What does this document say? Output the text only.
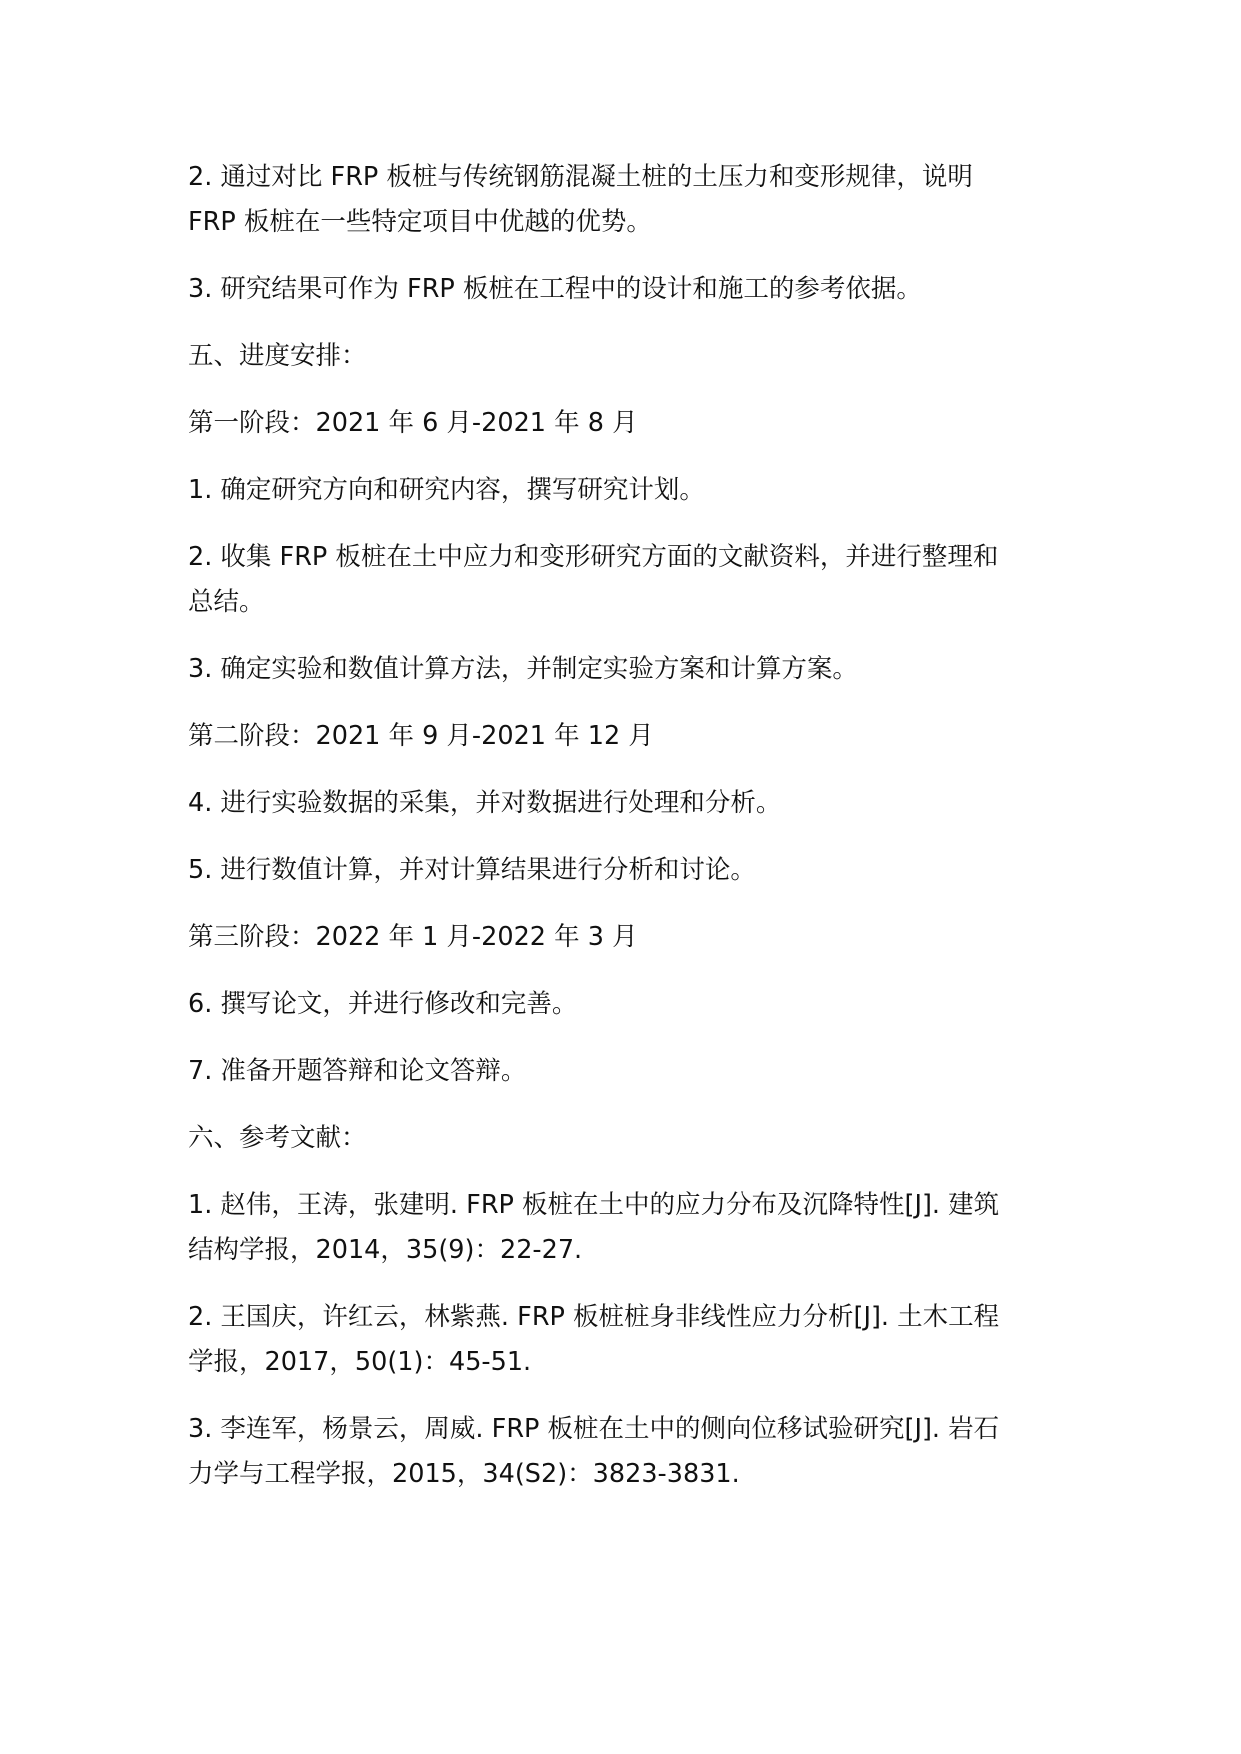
2. 通过对比 FRP 板桩与传统钢筋混凝土桩的土压力和变形规律，说明
FRP 板桩在一些特定项目中优越的优势。

3. 研究结果可作为 FRP 板桩在工程中的设计和施工的参考依据。

五、进度安排：

第一阶段：2021 年 6 月-2021 年 8 月

1. 确定研究方向和研究内容，撰写研究计划。

2. 收集 FRP 板桩在土中应力和变形研究方面的文献资料，并进行整理和
总结。

3. 确定实验和数值计算方法，并制定实验方案和计算方案。

第二阶段：2021 年 9 月-2021 年 12 月

4. 进行实验数据的采集，并对数据进行处理和分析。

5. 进行数值计算，并对计算结果进行分析和讨论。

第三阶段：2022 年 1 月-2022 年 3 月

6. 撰写论文，并进行修改和完善。

7. 准备开题答辩和论文答辩。

六、参考文献：

1. 赵伟，王涛，张建明. FRP 板桩在土中的应力分布及沉降特性[J]. 建筑
结构学报，2014，35(9)：22-27.

2. 王国庆，许红云，林紫燕. FRP 板桩桩身非线性应力分析[J]. 土木工程
学报，2017，50(1)：45-51.

3. 李连军，杨景云，周威. FRP 板桩在土中的侧向位移试验研究[J]. 岩石
力学与工程学报，2015，34(S2)：3823-3831.
